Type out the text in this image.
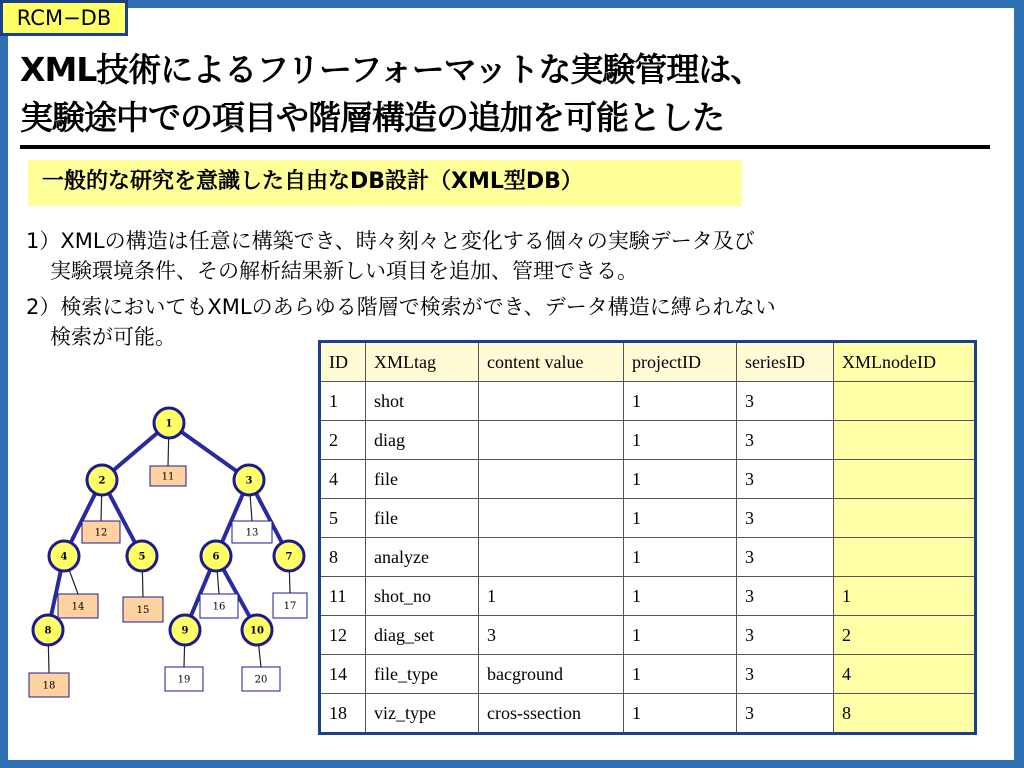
RCM−DB
XML技術によるフリーフォーマットな実験管理は、
実験途中での項目や階層構造の追加を可能とした
一般的な研究を意識した自由なDB設計（XML型DB）
1）XMLの構造は任意に構築でき、時々刻々と変化する個々の実験データ及び
実験環境条件、その解析結果新しい項目を追加、管理できる。
2）検索においてもXMLのあらゆる階層で検索ができ、データ構造に縛られない
検索が可能。
11
12	13
14	15	16	17
18
19	20
1
2	3
4	5	6	7
8	9	10
ID	XMLtag	content value	projectID	seriesID	XMLnodeID
1	shot		1	3	
2	diag		1	3	
4	file		1	3	
5	file		1	3	
8	analyze		1	3	
11	shot_no	1	1	3	1
12	diag_set	3	1	3	2
14	file_type	bacground	1	3	4
18	viz_type	cros-ssection	1	3	8
